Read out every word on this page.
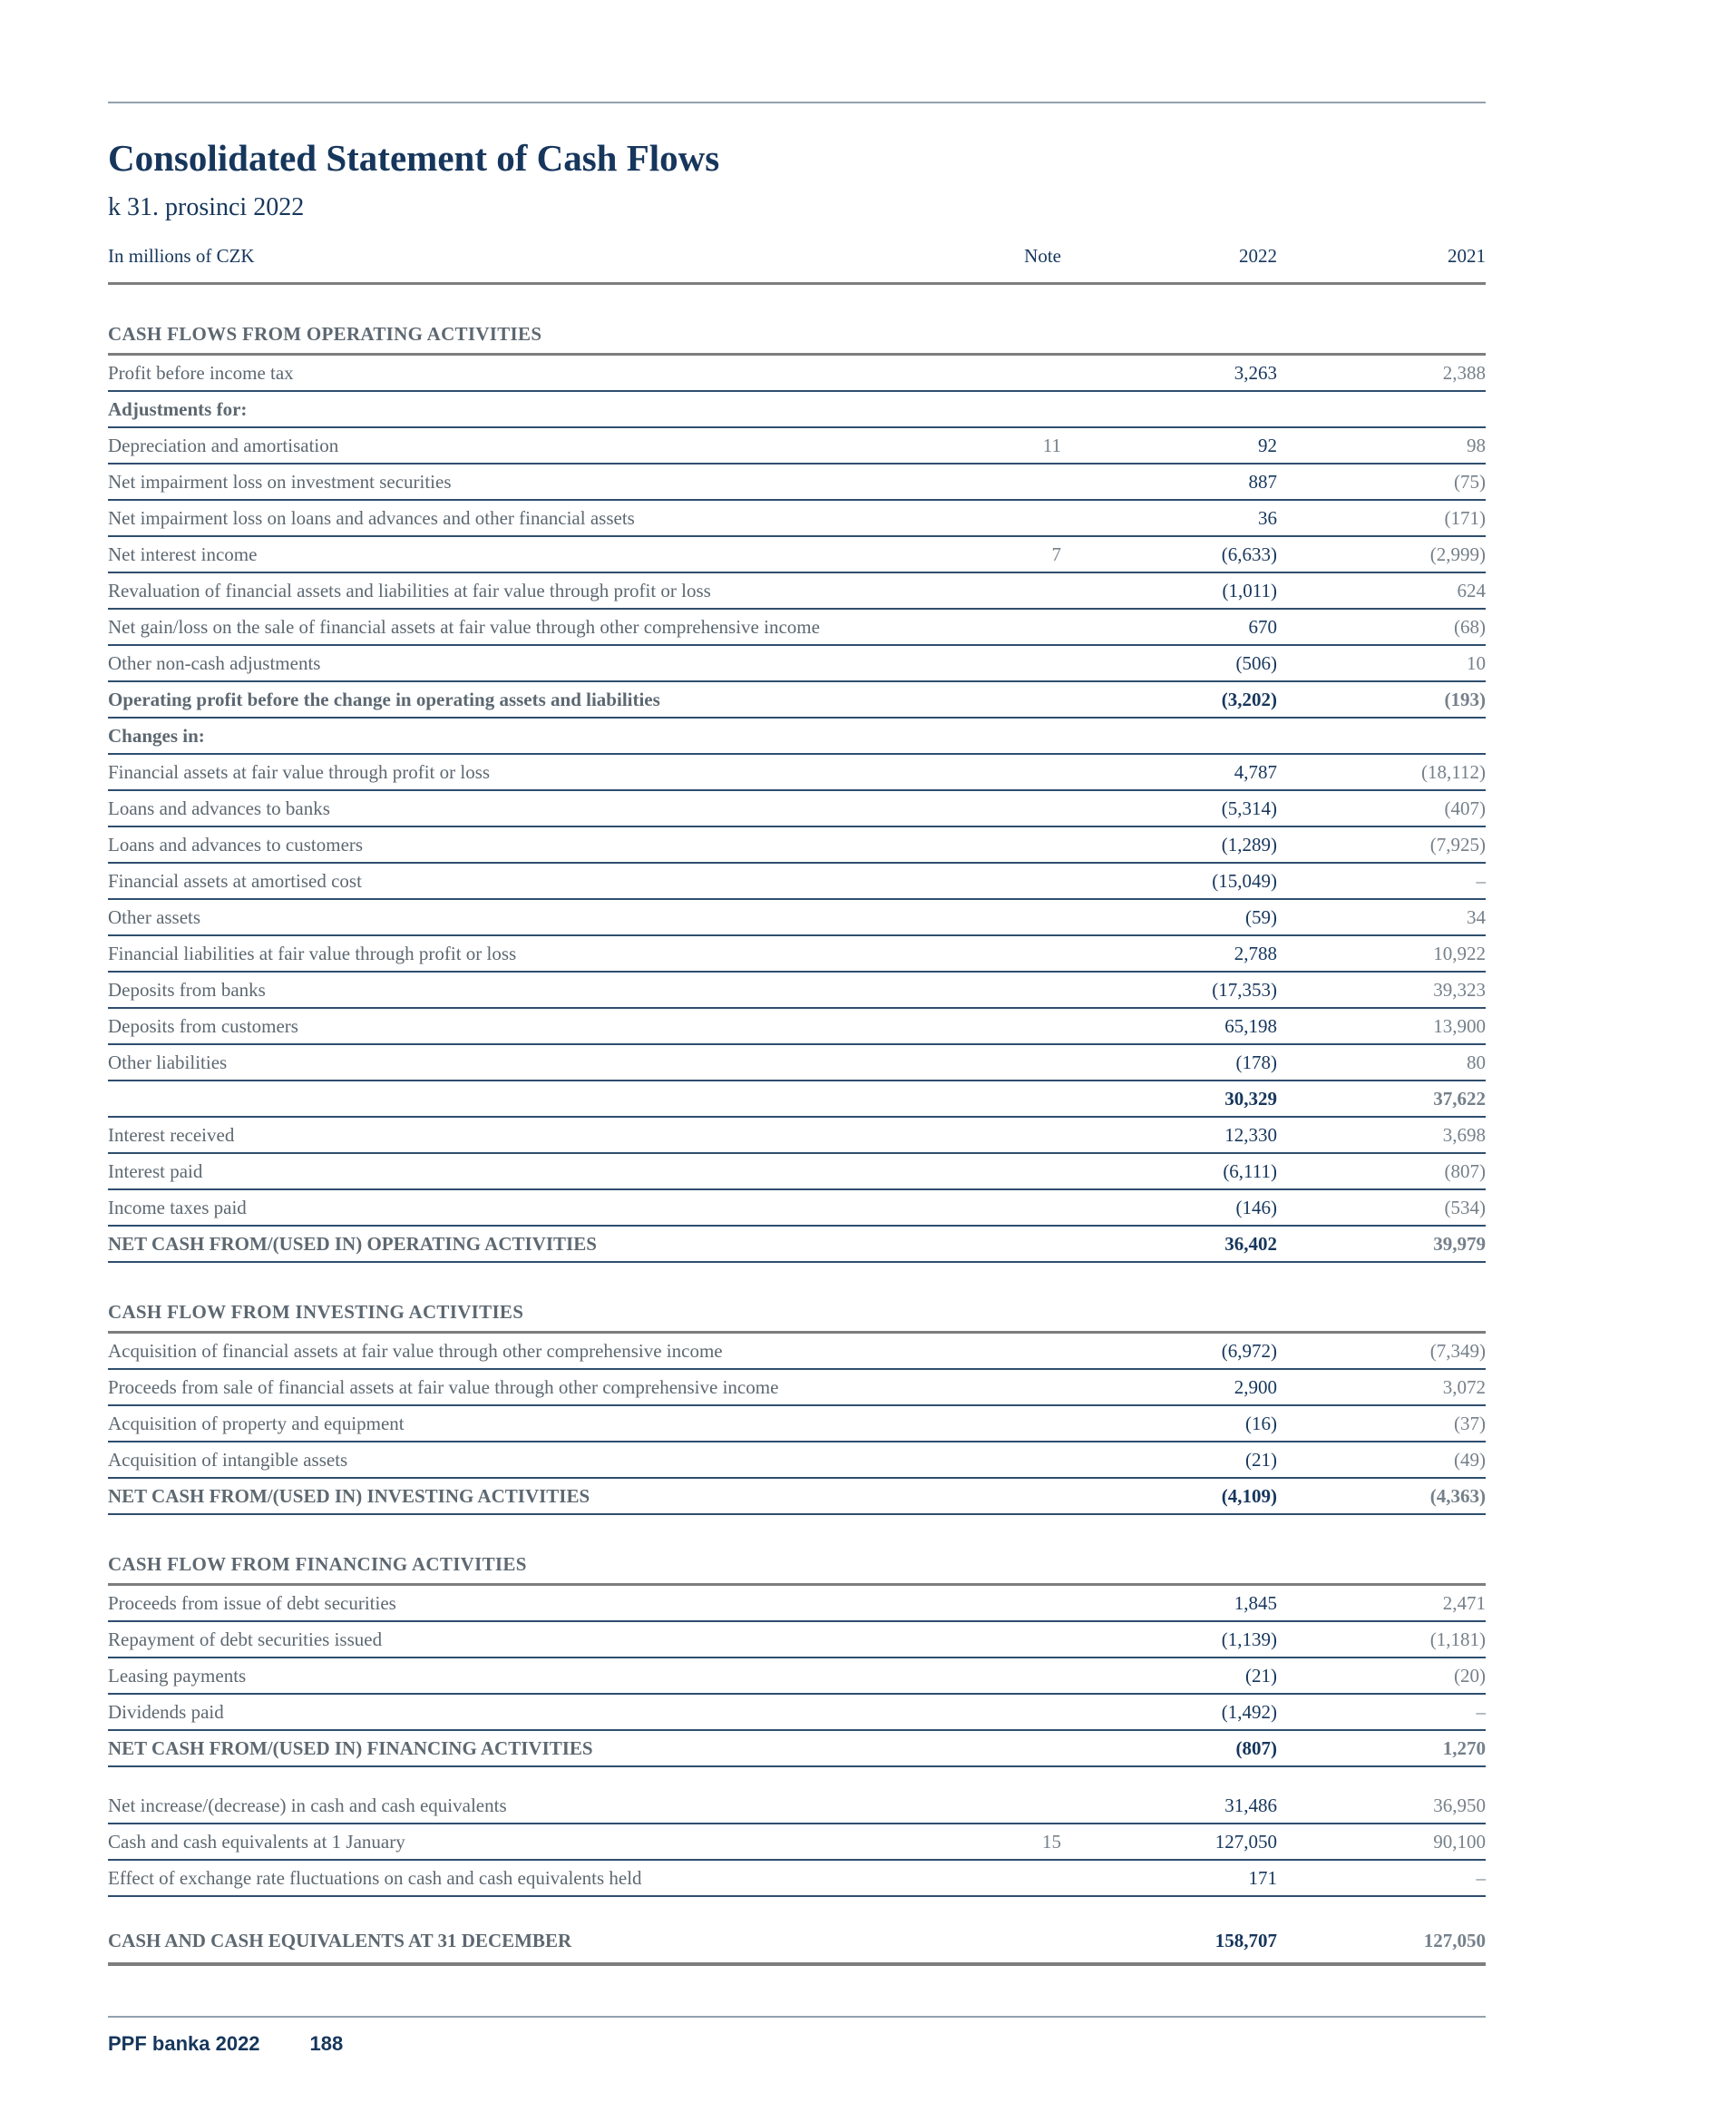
Consolidated Statement of Cash Flows
k 31. prosinci 2022
In millions of CZK	Note	2022	2021
CASH FLOWS FROM OPERATING ACTIVITIES			
Profit before income tax		3,263	2,388
Adjustments for:			
Depreciation and amortisation	11	92	98
Net impairment loss on investment securities		887	(75)
Net impairment loss on loans and advances and other financial assets		36	(171)
Net interest income	7	(6,633)	(2,999)
Revaluation of financial assets and liabilities at fair value through profit or loss		(1,011)	624
Net gain/loss on the sale of financial assets at fair value through other comprehensive income		670	(68)
Other non-cash adjustments		(506)	10
Operating profit before the change in operating assets and liabilities		(3,202)	(193)
Changes in:			
Financial assets at fair value through profit or loss		4,787	(18,112)
Loans and advances to banks		(5,314)	(407)
Loans and advances to customers		(1,289)	(7,925)
Financial assets at amortised cost		(15,049)	–
Other assets		(59)	34
Financial liabilities at fair value through profit or loss		2,788	10,922
Deposits from banks		(17,353)	39,323
Deposits from customers		65,198	13,900
Other liabilities		(178)	80
		30,329	37,622
Interest received		12,330	3,698
Interest paid		(6,111)	(807)
Income taxes paid		(146)	(534)
NET CASH FROM/(USED IN) OPERATING ACTIVITIES		36,402	39,979
CASH FLOW FROM INVESTING ACTIVITIES			
Acquisition of financial assets at fair value through other comprehensive income		(6,972)	(7,349)
Proceeds from sale of financial assets at fair value through other comprehensive income		2,900	3,072
Acquisition of property and equipment		(16)	(37)
Acquisition of intangible assets		(21)	(49)
NET CASH FROM/(USED IN) INVESTING ACTIVITIES		(4,109)	(4,363)
CASH FLOW FROM FINANCING ACTIVITIES			
Proceeds from issue of debt securities		1,845	2,471
Repayment of debt securities issued		(1,139)	(1,181)
Leasing payments		(21)	(20)
Dividends paid		(1,492)	–
NET CASH FROM/(USED IN) FINANCING ACTIVITIES		(807)	1,270
Net increase/(decrease) in cash and cash equivalents		31,486	36,950
Cash and cash equivalents at 1 January	15	127,050	90,100
Effect of exchange rate fluctuations on cash and cash equivalents held		171	–
CASH AND CASH EQUIVALENTS AT 31 DECEMBER		158,707	127,050
PPF banka 2022	188
